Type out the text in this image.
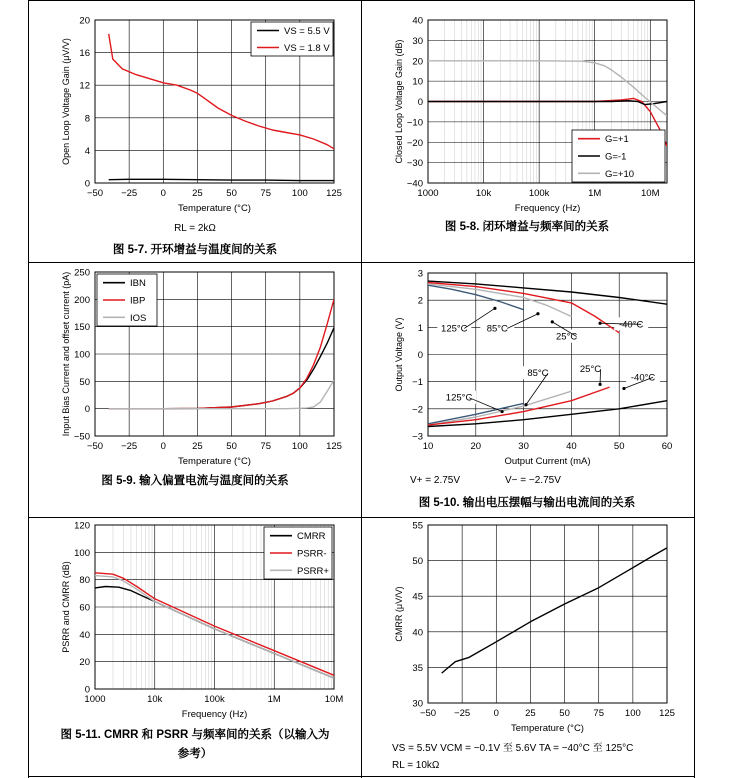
−50 −25 0	25 50 75 100 125
0
4
8
12
16
20
Temperature (°C)
Open Loop Voltage Gain (μV/V)
VS = 5.5 V
VS = 1.8 V
1000	10k	100k	1M	10M
−40
−30
−20
−10
0
10
20
30
40
Frequency (Hz)
Closed Loop Voltage Gain (dB)	G=+1
G=-1
G=+10
−50 −25 0	25 50 75 100 125
−50
0
50
100
150
200
250
Temperature (°C)
Input Bias Current and offset current (pA)	IBN
IBP
IOS
10	20	30	40	50	60
−3
−2
−1
0
1
2
3
Output Current (mA)
Output Voltage (V)	125°C 85°C
25°C
-40°C
125°C
85°C	25°C
-40°C
1000	10k	100k	1M	10M
0
20
40
60
80
100
120
Frequency (Hz)
PSRR and CMRR (dB)
CMRR
PSRR-
PSRR+
−50 −25 0	25 50 75 100 125
30
35
40
45
50
55
Temperature (°C)
CMRR (μV/V)
图 5-7. 开环增益与温度间的关系
图 5-8. 闭环增益与频率间的关系
图 5-9. 输入偏置电流与温度间的关系
图 5-10. 输出电压摆幅与输出电流间的关系
图 5-11. CMRR 和 PSRR 与频率间的关系（以输入为
参考）
RL = 2kΩ
V+ = 2.75V	V− = −2.75V
VS = 5.5V VCM = −0.1V 至 5.6V TA = −40°C 至 125°C
RL = 10kΩ
